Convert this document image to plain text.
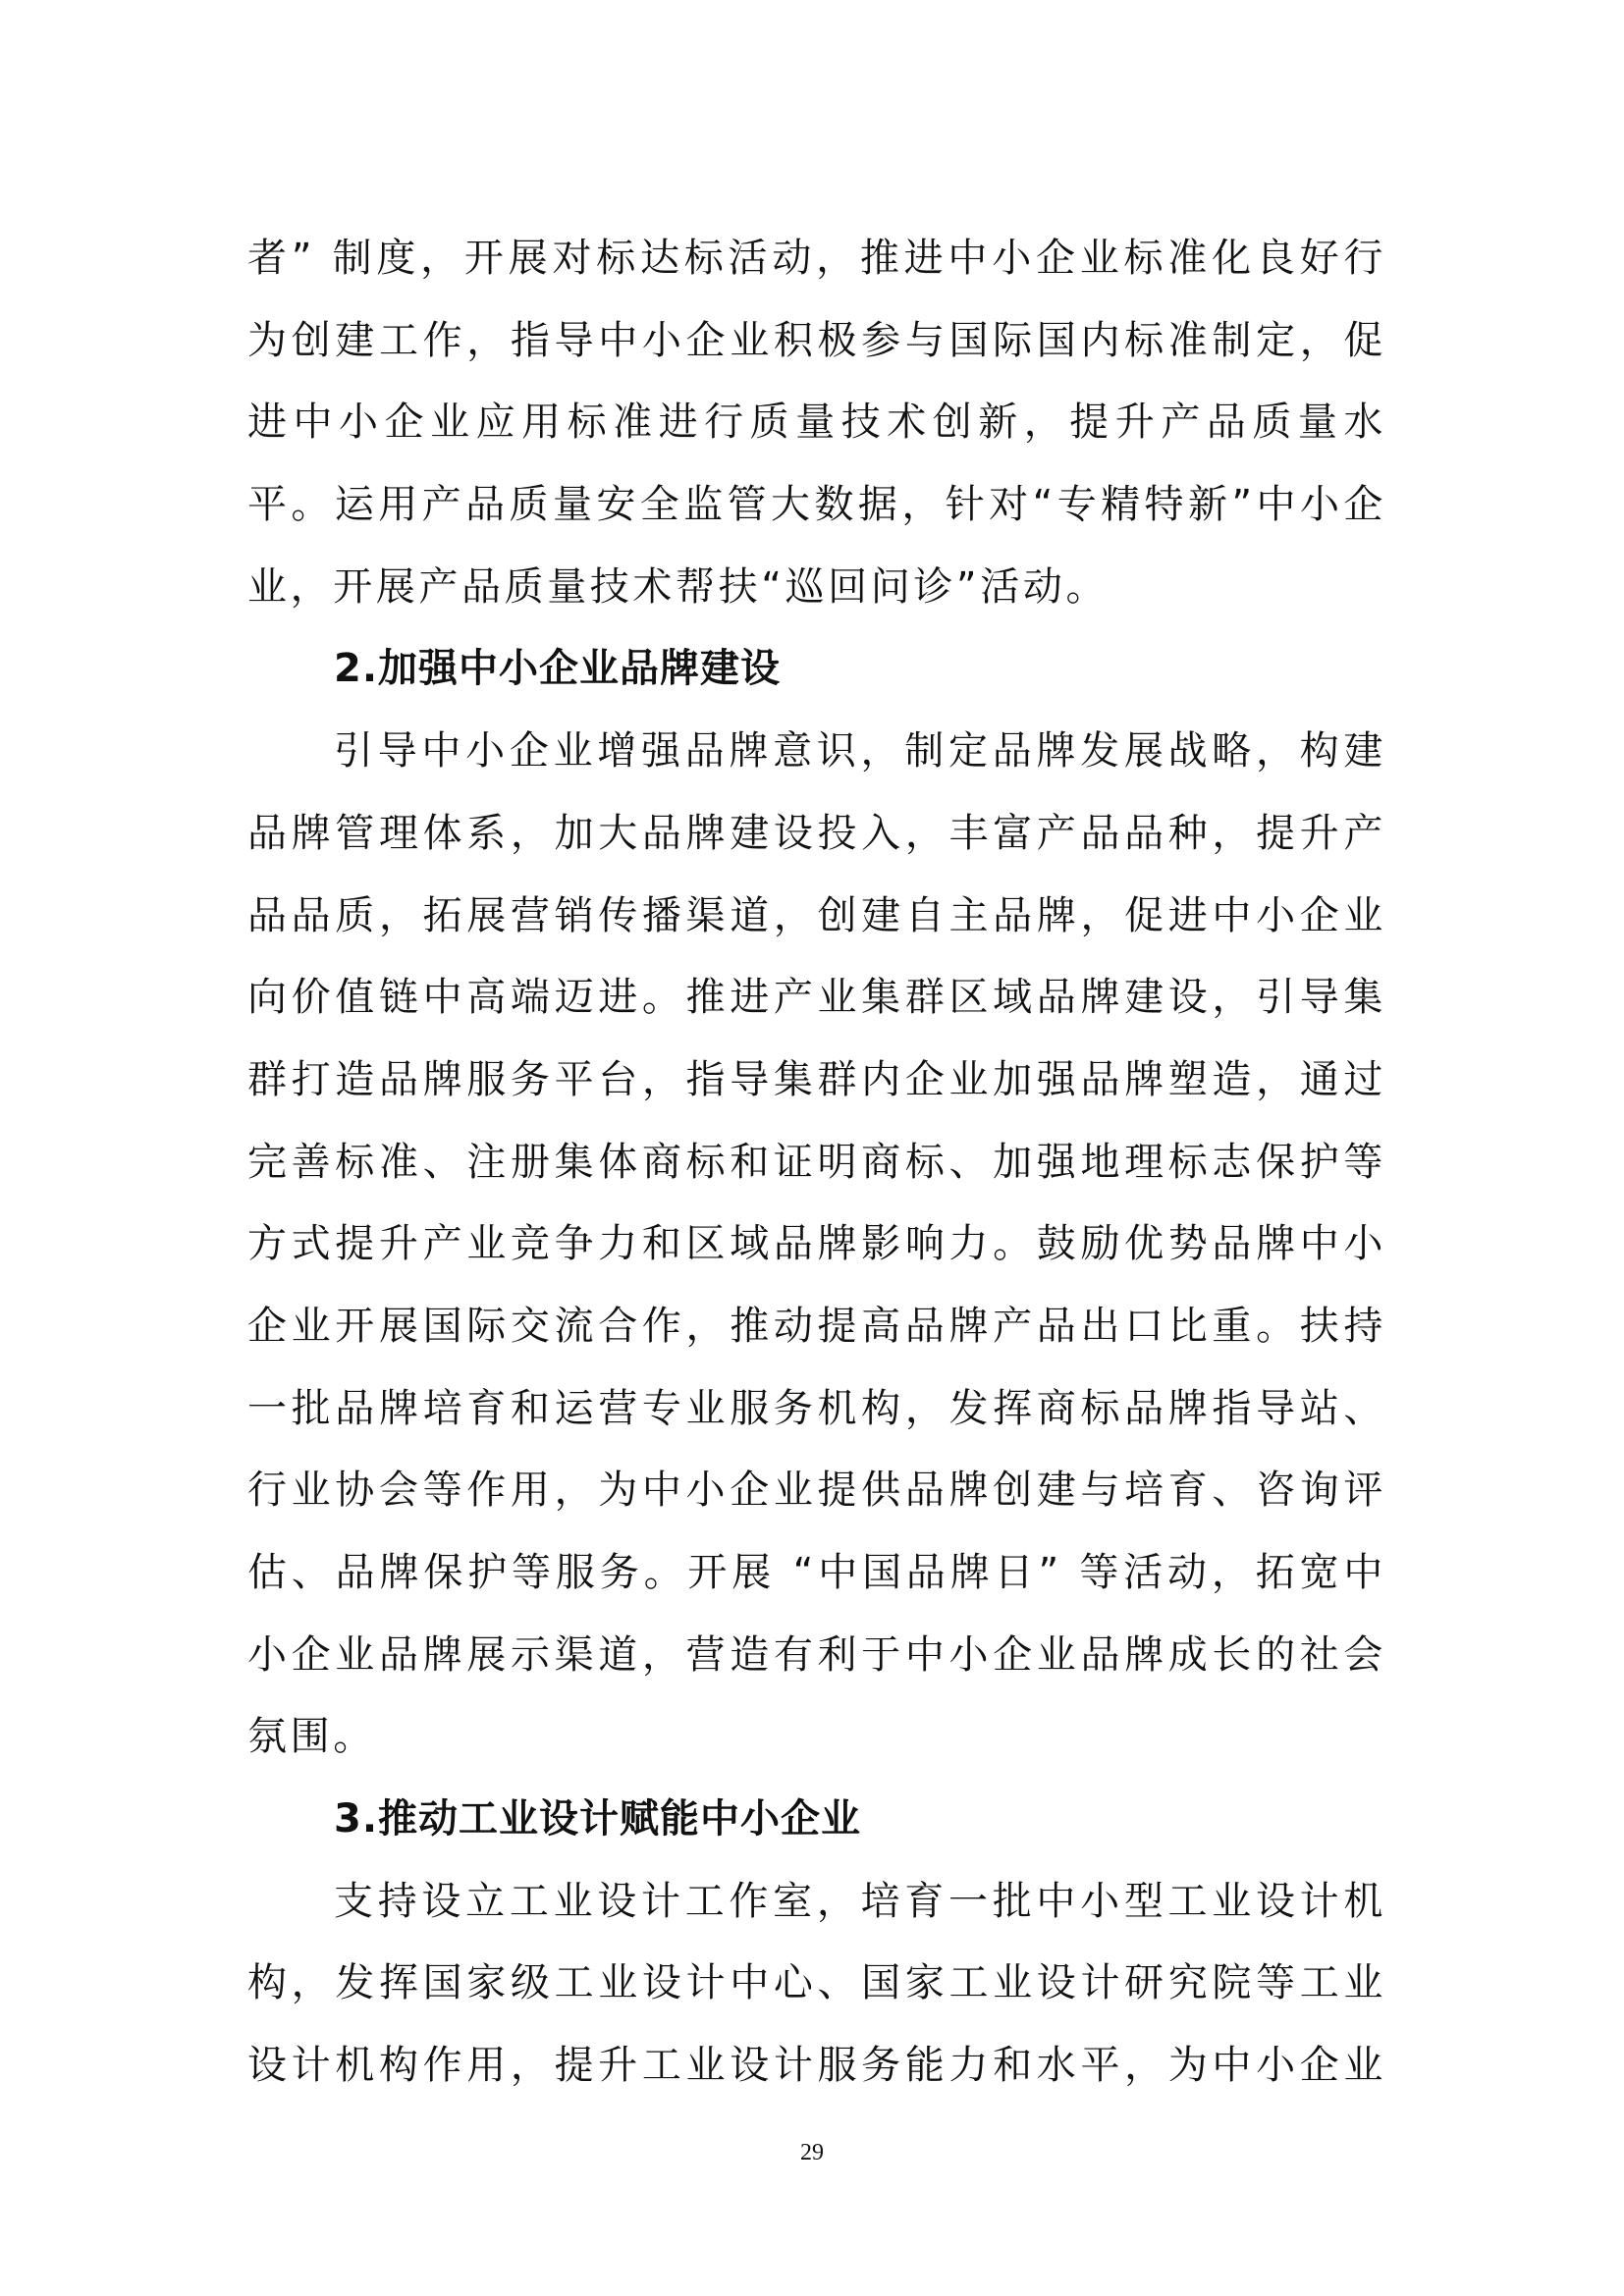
者” 制度，开展对标达标活动，推进中小企业标准化良好行
为创建工作，指导中小企业积极参与国际国内标准制定，促
进中小企业应用标准进行质量技术创新，提升产品质量水
平。运用产品质量安全监管大数据，针对“专精特新”中小企
业，开展产品质量技术帮扶“巡回问诊”活动。
2.加强中小企业品牌建设
引导中小企业增强品牌意识，制定品牌发展战略，构建
品牌管理体系，加大品牌建设投入，丰富产品品种，提升产
品品质，拓展营销传播渠道，创建自主品牌，促进中小企业
向价值链中高端迈进。推进产业集群区域品牌建设，引导集
群打造品牌服务平台，指导集群内企业加强品牌塑造，通过
完善标准、注册集体商标和证明商标、加强地理标志保护等
方式提升产业竞争力和区域品牌影响力。鼓励优势品牌中小
企业开展国际交流合作，推动提高品牌产品出口比重。扶持
一批品牌培育和运营专业服务机构，发挥商标品牌指导站、
行业协会等作用，为中小企业提供品牌创建与培育、咨询评
估、品牌保护等服务。开展 “中国品牌日” 等活动，拓宽中
小企业品牌展示渠道，营造有利于中小企业品牌成长的社会
氛围。
3.推动工业设计赋能中小企业
支持设立工业设计工作室，培育一批中小型工业设计机
构，发挥国家级工业设计中心、国家工业设计研究院等工业
设计机构作用，提升工业设计服务能力和水平，为中小企业
29
